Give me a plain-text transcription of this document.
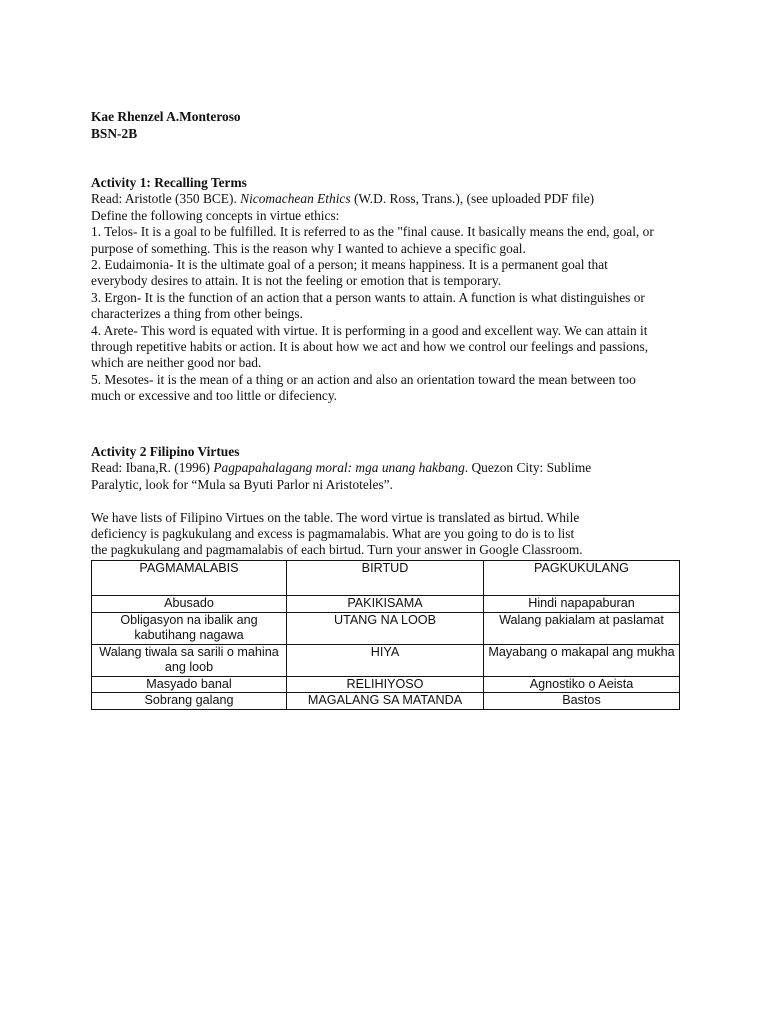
Kae Rhenzel A.Monteroso
BSN-2B
Activity 1: Recalling Terms
Read: Aristotle (350 BCE). Nicomachean Ethics (W.D. Ross, Trans.), (see uploaded PDF file)
Define the following concepts in virtue ethics:
1. Telos- It is a goal to be fulfilled. It is referred to as the "final cause. It basically means the end, goal, or
purpose of something. This is the reason why I wanted to achieve a specific goal.
2. Eudaimonia- It is the ultimate goal of a person; it means happiness. It is a permanent goal that
everybody desires to attain. It is not the feeling or emotion that is temporary.
3. Ergon- It is the function of an action that a person wants to attain. A function is what distinguishes or
characterizes a thing from other beings.
4. Arete- This word is equated with virtue. It is performing in a good and excellent way. We can attain it
through repetitive habits or action. It is about how we act and how we control our feelings and passions,
which are neither good nor bad.
5. Mesotes- it is the mean of a thing or an action and also an orientation toward the mean between too
much or excessive and too little or difeciency.
Activity 2 Filipino Virtues
Read: Ibana,R. (1996) Pagpapahalagang moral: mga unang hakbang. Quezon City: Sublime
Paralytic, look for “Mula sa Byuti Parlor ni Aristoteles”.
We have lists of Filipino Virtues on the table. The word virtue is translated as birtud. While
deficiency is pagkukulang and excess is pagmamalabis. What are you going to do is to list
the pagkukulang and pagmamalabis of each birtud. Turn your answer in Google Classroom.
PAGMAMALABIS	BIRTUD	PAGKUKULANG
Abusado	PAKIKISAMA	Hindi napapaburan
Obligasyon na ibalik ang kabutihang nagawa	UTANG NA LOOB	Walang pakialam at paslamat
Walang tiwala sa sarili o mahina ang loob	HIYA	Mayabang o makapal ang mukha
Masyado banal	RELIHIYOSO	Agnostiko o Aeista
Sobrang galang	MAGALANG SA MATANDA	Bastos
